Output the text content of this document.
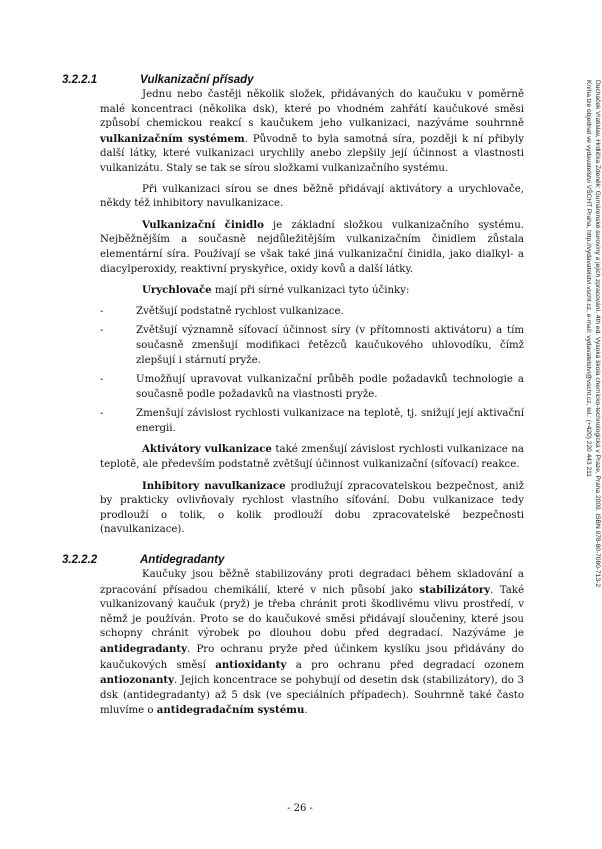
3.2.2.1	Vulkanizační přísady

Jednu nebo častěji několik složek, přidávaných do kaučuku v poměrně malé koncentraci (několika dsk), které po vhodném zahřátí kaučukové směsi způsobí chemickou reakcí s kaučukem jeho vulkanizaci, nazýváme souhrnně vulkanizačním systémem. Původně to byla samotná síra, později k ní přibyly další látky, které vulkanizaci urychlily anebo zlepšily její účinnost a vlastnosti vulkanizátu. Staly se tak se sírou složkami vulkanizačního systému.

Při vulkanizaci sírou se dnes běžně přidávají aktivátory a urychlovače, někdy též inhibitory navulkanizace.

Vulkanizační činidlo je základní složkou vulkanizačního systému. Nejběžnějším a současně nejdůležitějším vulkanizačním činidlem zůstala elementární síra. Používají se však také jiná vulkanizační činidla, jako dialkyl- a diacylperoxidy, reaktivní pryskyřice, oxidy kovů a další látky.

Urychlovače mají při sírné vulkanizaci tyto účinky:

-	Zvětšují podstatně rychlost vulkanizace.
-	Zvětšují významně síťovací účinnost síry (v přítomnosti aktivátoru) a tím současně zmenšují modifikaci řetězců kaučukového uhlovodíku, čímž zlepšují i stárnutí pryže.
-	Umožňují upravovat vulkanizační průběh podle požadavků technologie a současně podle požadavků na vlastnosti pryže.
-	Zmenšují závislost rychlosti vulkanizace na teplotě, tj. snižují její aktivační energii.

Aktivátory vulkanizace také zmenšují závislost rychlosti vulkanizace na teplotě, ale především podstatně zvětšují účinnost vulkanizační (síťovací) reakce.

Inhibitory navulkanizace prodlužují zpracovatelskou bezpečnost, aniž by prakticky ovlivňovaly rychlost vlastního síťování. Dobu vulkanizace tedy prodlouží o tolik, o kolik prodlouží dobu zpracovatelské bezpečnosti (navulkanizace).

3.2.2.2	Antidegradanty

Kaučuky jsou běžně stabilizovány proti degradaci během skladování a zpracování přísadou chemikálií, které v nich působí jako stabilizátory. Také vulkanizovaný kaučuk (pryž) je třeba chránit proti škodlivému vlivu prostředí, v němž je používán. Proto se do kaučukové směsi přidávají sloučeniny, které jsou schopny chránit výrobek po dlouhou dobu před degradací. Nazýváme je antidegradanty. Pro ochranu pryže před účinkem kyslíku jsou přidávány do kaučukových směsí antioxidanty a pro ochranu před degradací ozonem antiozonanty. Jejich koncentrace se pohybují od desetin dsk (stabilizátory), do 3 dsk (antidegradanty) až 5 dsk (ve speciálních případech). Souhrnně také často mluvíme o antidegradačním systému.

- 26 -
Ducháček Vratislav, Hrdlička Zdeněk: Gumárenské suroviny a jejich zpracování. 4th ed. Vysoká škola chemicko-technologická v Praze, Praha 2009. ISBN 978-80-7080-713-2
Kniha lze objednat ve vydavatelství VŠCHT Praha, http://vydavatelstvi.vscht.cz, e-mail: vydavatelstvi@vscht.cz, tel.: (+420) 220 443 211
